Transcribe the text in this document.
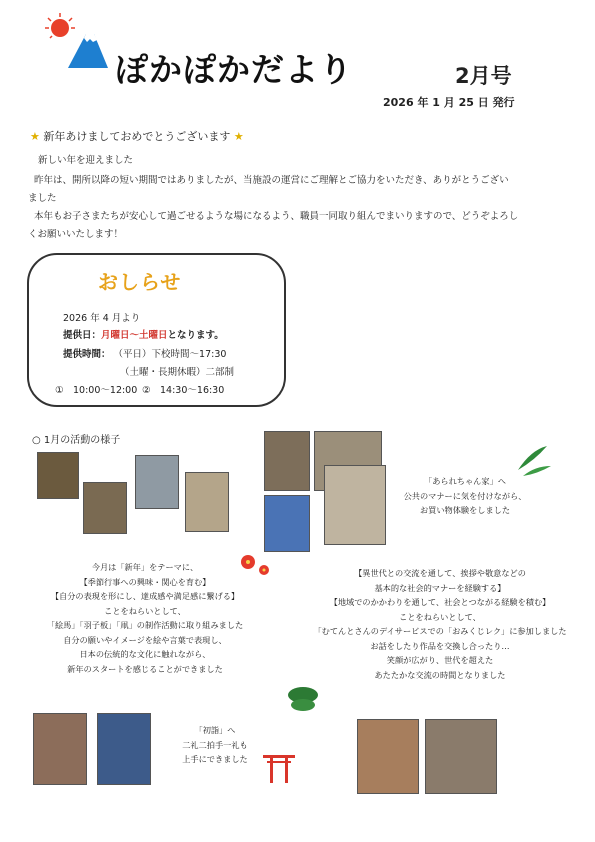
ぽかぽかだより	2月号
2026 年 1 月 25 日 発行
★ 新年あけましておめでとうございます ★
新しい年を迎えました
昨年は、開所以降の短い期間ではありましたが、当施設の運営にご理解とご協力をいただき、ありがとうござい
ました
本年もお子さまたちが安心して過ごせるような場になるよう、職員一同取り組んでまいりますので、どうぞよろし
くお願いいたします！
おしらせ
2026 年 4 月より
提供日：月曜日～土曜日となります。
提供時間： （平日）下校時間～17:30
（土曜・長期休暇）二部制
①　10:00～12:00 ②　14:30～16:30
○ 1月の活動の様子
「あられちゃん家」へ
公共のマナーに気を付けながら、
お買い物体験をしました
今月は「新年」をテーマに、
【季節行事への興味・関心を育む】
【自分の表現を形にし、達成感や満足感に繋げる】
ことをねらいとして、
「絵馬」「羽子板」「凧」の制作活動に取り組みました
自分の願いやイメージを絵や言葉で表現し、
日本の伝統的な文化に触れながら、
新年のスタートを感じることができました
【異世代との交流を通して、挨拶や敬意などの
基本的な社会的マナーを経験する】
【地域でのかかわりを通して、社会とつながる経験を積む】
ことをねらいとして、
「むてんとさんのデイサービスでの「おみくじレク」に参加しました
お話をしたり作品を交換し合ったり…
笑顔が広がり、世代を超えた
あたたかな交流の時間となりました
「初詣」へ
二礼二拍手一礼も
上手にできました
